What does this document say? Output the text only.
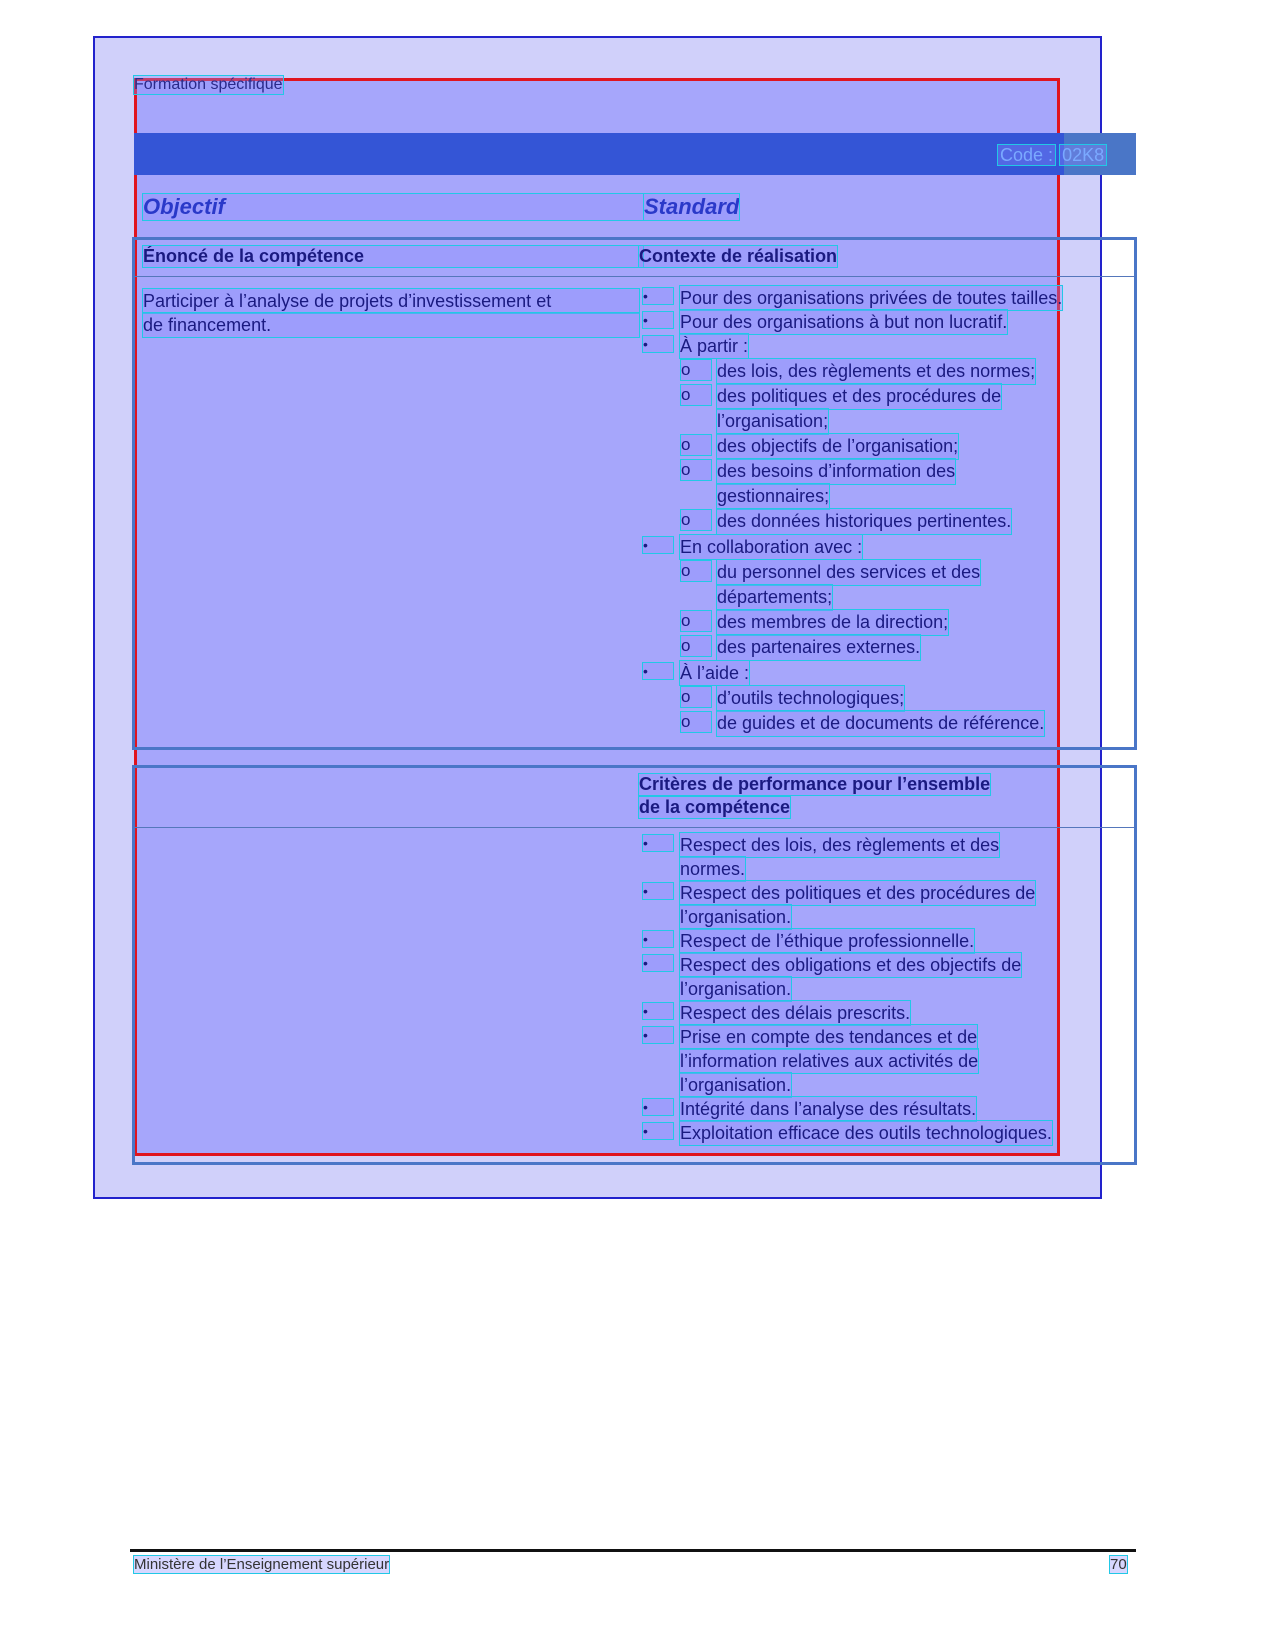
Formation spécifique
Code : 02K8
Objectif	Standard
Énoncé de la compétence	Contexte de réalisation
Participer à l’analyse de projets d’investissement et
de financement.
•	Pour des organisations privées de toutes tailles.
•	Pour des organisations à but non lucratif.
•	À partir :
o	des lois, des règlements et des normes;
o	des politiques et des procédures de
l’organisation;
o	des objectifs de l’organisation;
o	des besoins d’information des
gestionnaires;
o	des données historiques pertinentes.
•	En collaboration avec :
o	du personnel des services et des
départements;
o	des membres de la direction;
o	des partenaires externes.
•	À l’aide :
o	d’outils technologiques;
o	de guides et de documents de référence.
Critères de performance pour l’ensemble
de la compétence
•	Respect des lois, des règlements et des
normes.
•	Respect des politiques et des procédures de
l’organisation.
•	Respect de l’éthique professionnelle.
•	Respect des obligations et des objectifs de
l’organisation.
•	Respect des délais prescrits.
•	Prise en compte des tendances et de
l’information relatives aux activités de
l’organisation.
•	Intégrité dans l’analyse des résultats.
•	Exploitation efficace des outils technologiques.
Ministère de l’Enseignement supérieur	70
